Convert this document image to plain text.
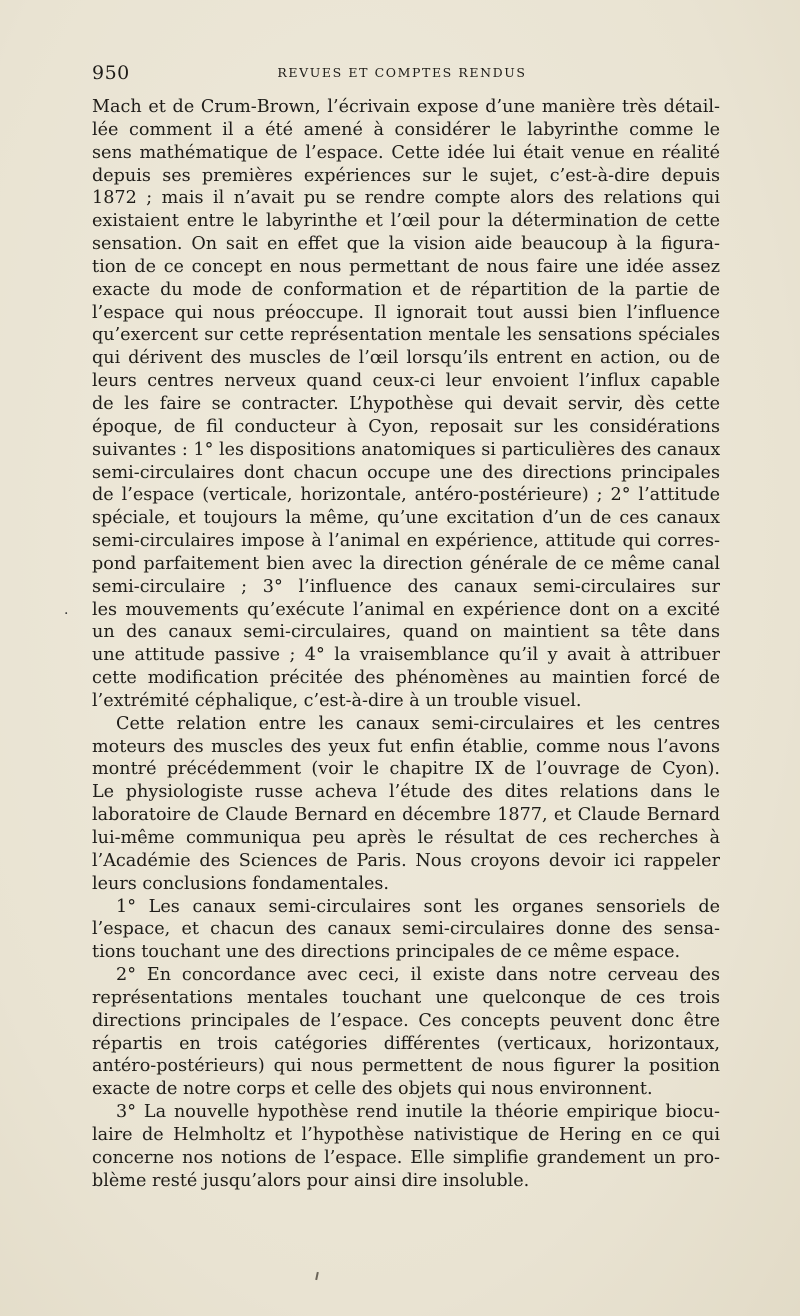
950	REVUES ET COMPTES RENDUS
·
Mach et de Crum-Brown, l’écrivain expose d’une manière très détail-
lée comment il a été amené à considérer le labyrinthe comme le
sens mathématique de l’espace. Cette idée lui était venue en réalité
depuis ses premières expériences sur le sujet, c’est-à-dire depuis
1872 ; mais il n’avait pu se rendre compte alors des relations qui
existaient entre le labyrinthe et l’œil pour la détermination de cette
sensation. On sait en effet que la vision aide beaucoup à la figura-
tion de ce concept en nous permettant de nous faire une idée assez
exacte du mode de conformation et de répartition de la partie de
l’espace qui nous préoccupe. Il ignorait tout aussi bien l’influence
qu’exercent sur cette représentation mentale les sensations spéciales
qui dérivent des muscles de l’œil lorsqu’ils entrent en action, ou de
leurs centres nerveux quand ceux-ci leur envoient l’influx capable
de les faire se contracter. L’hypothèse qui devait servir, dès cette
époque, de fil conducteur à Cyon, reposait sur les considérations
suivantes : 1° les dispositions anatomiques si particulières des canaux
semi-circulaires dont chacun occupe une des directions principales
de l’espace (verticale, horizontale, antéro-postérieure) ; 2° l’attitude
spéciale, et toujours la même, qu’une excitation d’un de ces canaux
semi-circulaires impose à l’animal en expérience, attitude qui corres-
pond parfaitement bien avec la direction générale de ce même canal
semi-circulaire ; 3° l’influence des canaux semi-circulaires sur
les mouvements qu’exécute l’animal en expérience dont on a excité
un des canaux semi-circulaires, quand on maintient sa tête dans
une attitude passive ; 4° la vraisemblance qu’il y avait à attribuer
cette modification précitée des phénomènes au maintien forcé de
l’extrémité céphalique, c’est-à-dire à un trouble visuel.
Cette relation entre les canaux semi-circulaires et les centres
moteurs des muscles des yeux fut enfin établie, comme nous l’avons
montré précédemment (voir le chapitre IX de l’ouvrage de Cyon).
Le physiologiste russe acheva l’étude des dites relations dans le
laboratoire de Claude Bernard en décembre 1877, et Claude Bernard
lui-même communiqua peu après le résultat de ces recherches à
l’Académie des Sciences de Paris. Nous croyons devoir ici rappeler
leurs conclusions fondamentales.
1° Les canaux semi-circulaires sont les organes sensoriels de
l’espace, et chacun des canaux semi-circulaires donne des sensa-
tions touchant une des directions principales de ce même espace.
2° En concordance avec ceci, il existe dans notre cerveau des
représentations mentales touchant une quelconque de ces trois
directions principales de l’espace. Ces concepts peuvent donc être
répartis en trois catégories différentes (verticaux, horizontaux,
antéro-postérieurs) qui nous permettent de nous figurer la position
exacte de notre corps et celle des objets qui nous environnent.
3° La nouvelle hypothèse rend inutile la théorie empirique biocu-
laire de Helmholtz et l’hypothèse nativistique de Hering en ce qui
concerne nos notions de l’espace. Elle simplifie grandement un pro-
blème resté jusqu’alors pour ainsi dire insoluble.
